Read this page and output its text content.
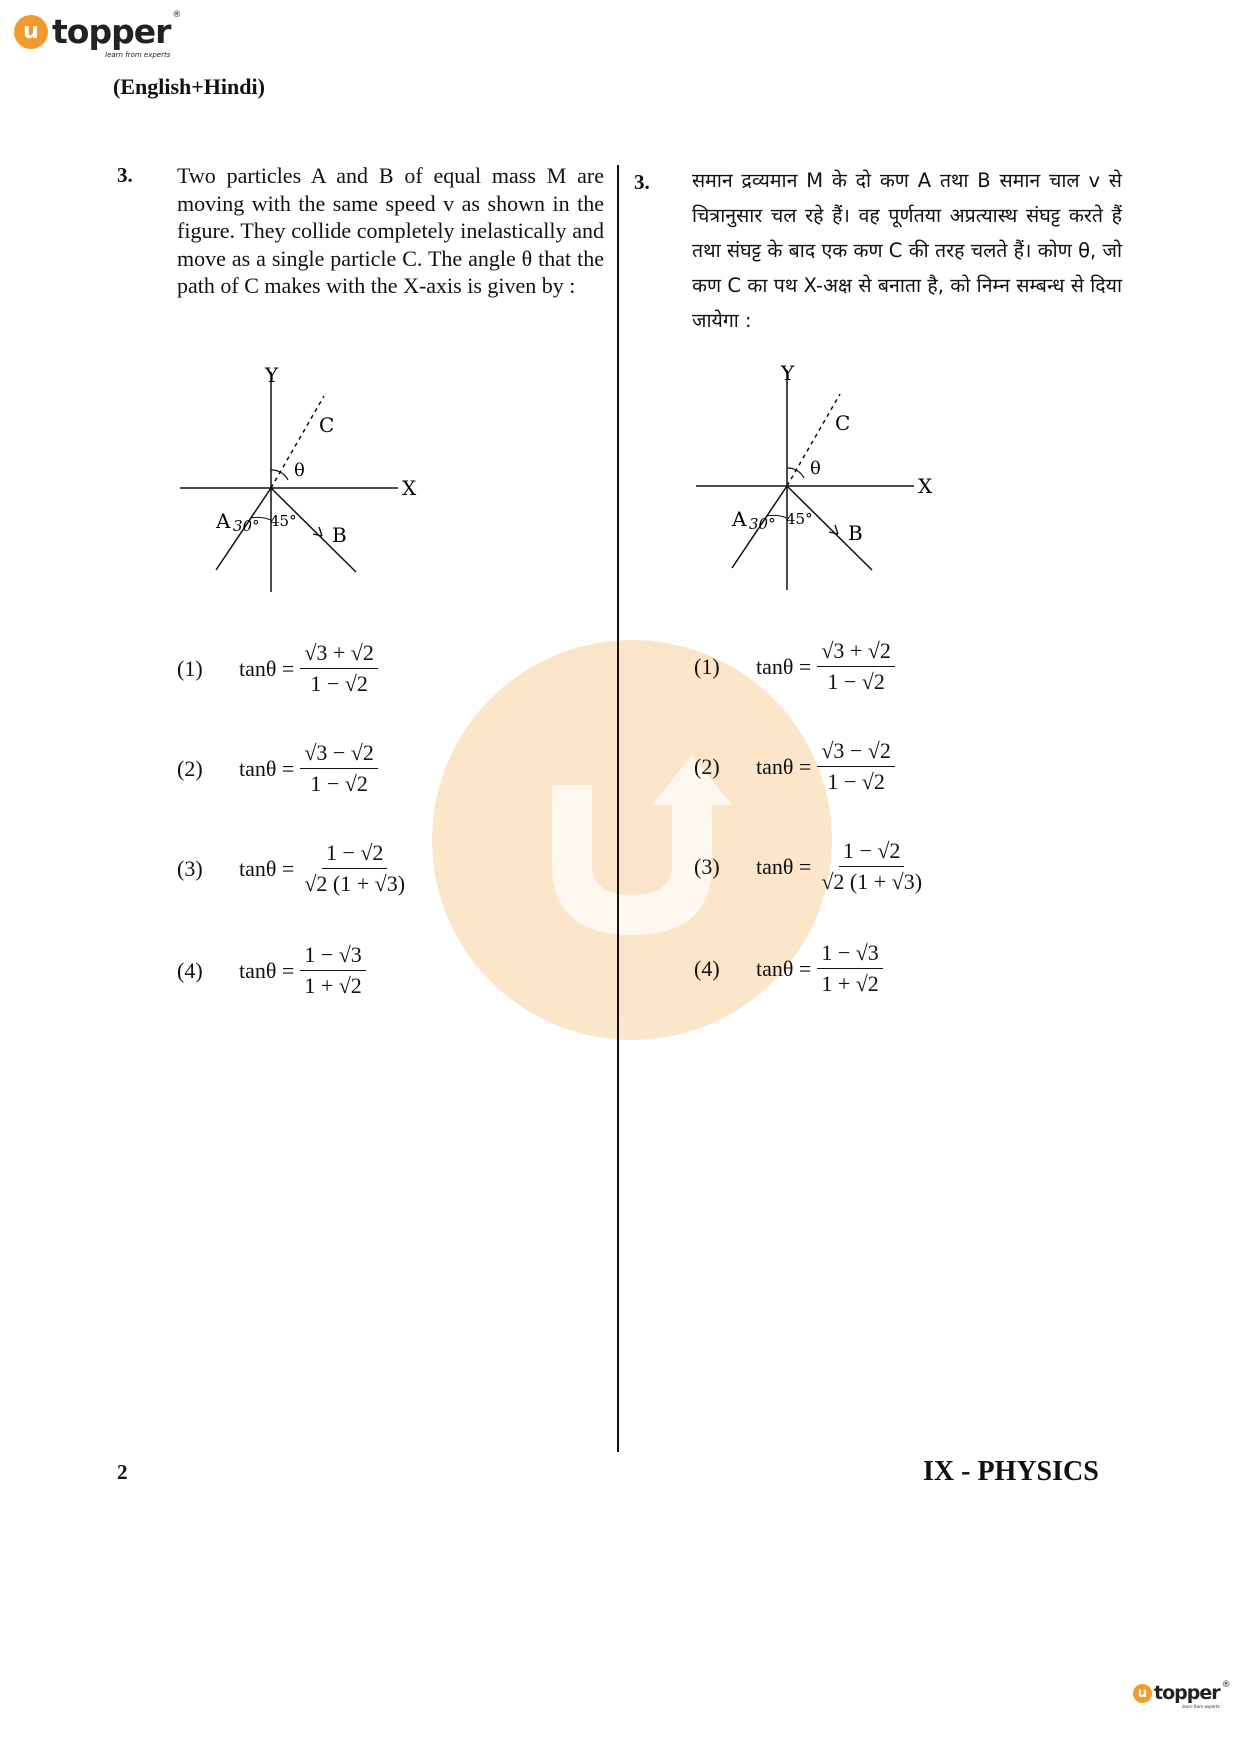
u topper ®
learn from experts
(English+Hindi)
3. Two particles A and B of equal mass M are moving with the same speed v as shown in the figure. They collide completely inelastically and move as a single particle C. The angle θ that the path of C makes with the X-axis is given by :
Y
X
C
θ
A
B
30° 45°
(1)	$\tan\theta = \frac{√3 + √2}{1 - √2}$
(2)	$\tan\theta = \frac{√3 - √2}{1 - √2}$
(3)	$\tan\theta = \frac{1 - √2}{√2 (1 + √3)}$
(4)	$\tan\theta = \frac{1 - √3}{1 + √2}$
3. समान द्रव्यमान M के दो कण A तथा B समान चाल v से चित्रानुसार चल रहे हैं। वह पूर्णतया अप्रत्यास्थ संघट्ट करते हैं तथा संघट्ट के बाद एक कण C की तरह चलते हैं। कोण θ, जो कण C का पथ X-अक्ष से बनाता है, को निम्न सम्बन्ध से दिया जायेगा :
Y
X
C
θ
A
B
30° 45°
(1)	$\tan\theta = \frac{√3 + √2}{1 - √2}$
(2)	$\tan\theta = \frac{√3 - √2}{1 - √2}$
(3)	$\tan\theta = \frac{1 - √2}{√2 (1 + √3)}$
(4)	$\tan\theta = \frac{1 - √3}{1 + √2}$
2	IX - PHYSICS
u topper ®
learn from experts
